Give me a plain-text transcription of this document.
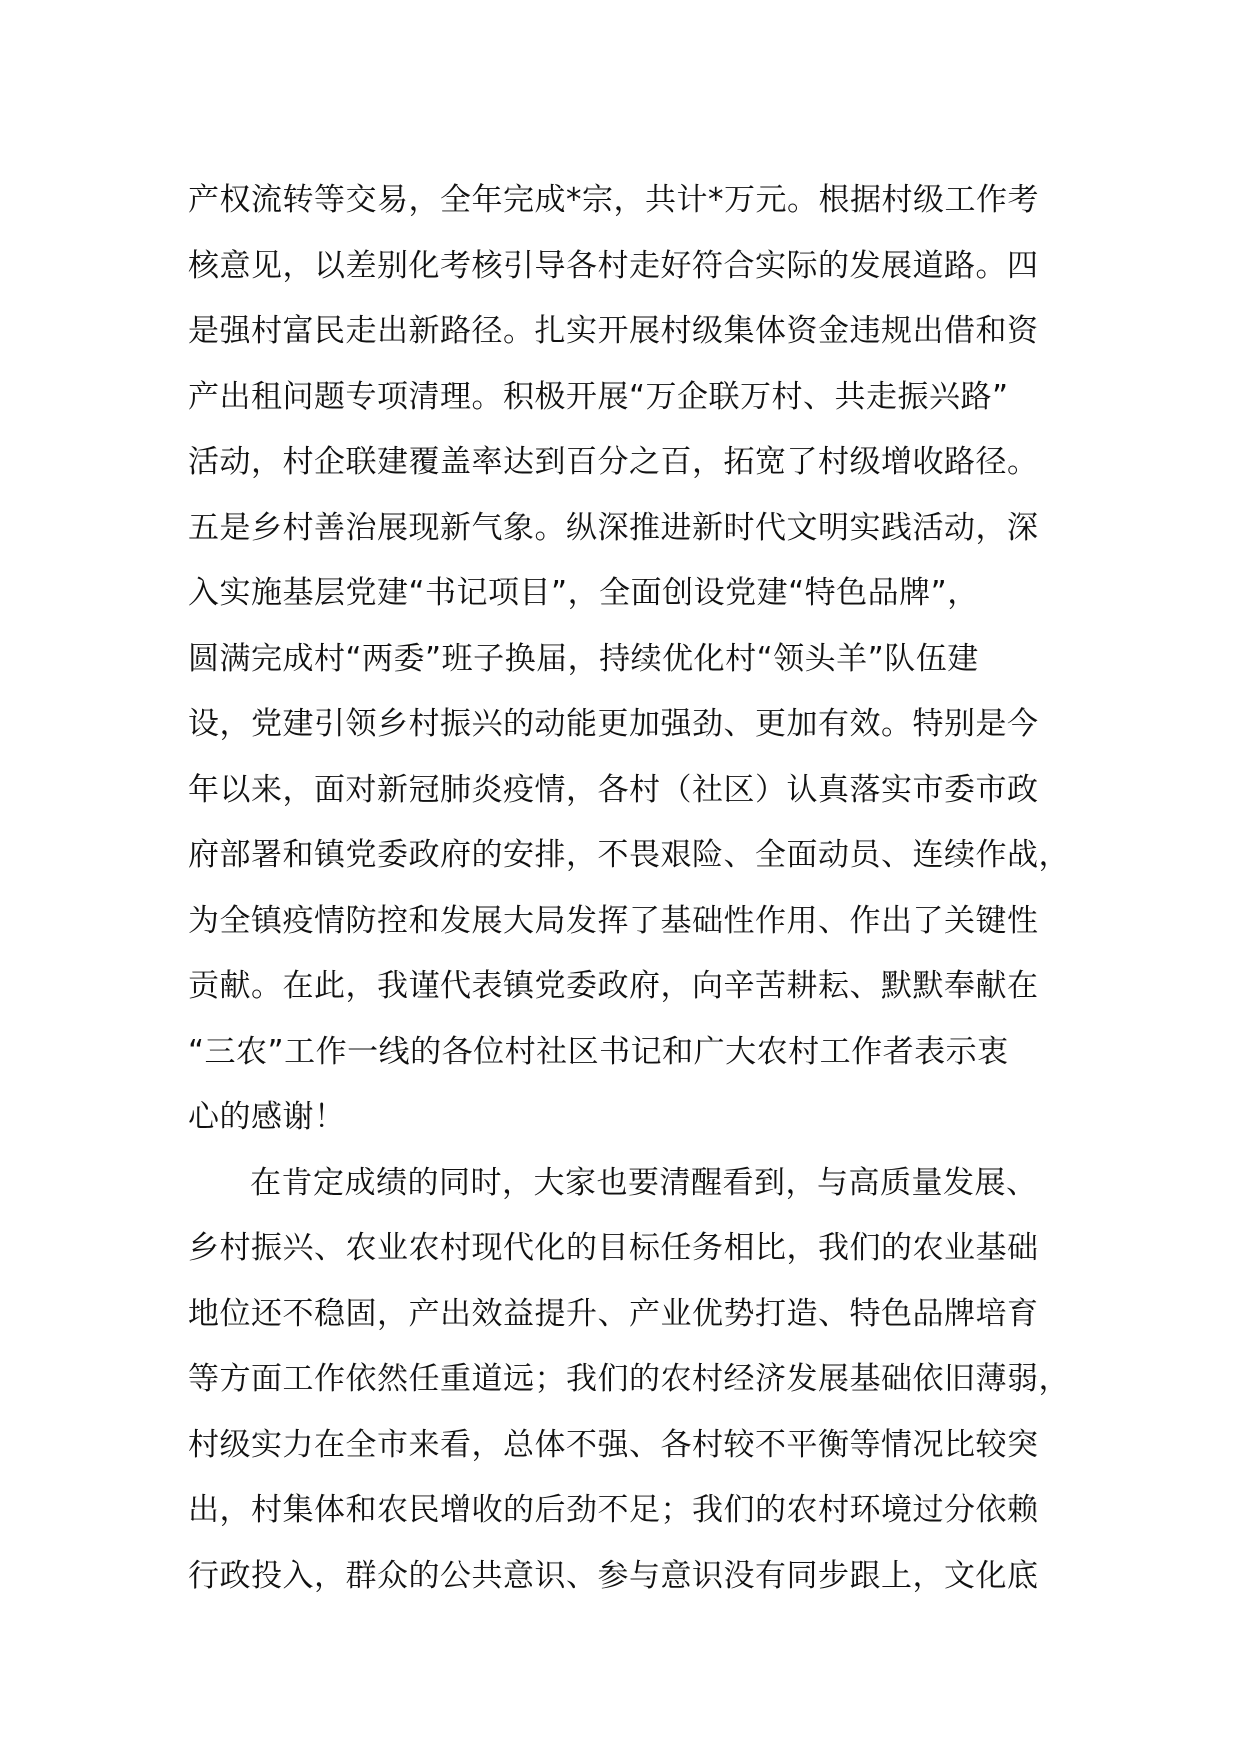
产权流转等交易，全年完成*宗，共计*万元。根据村级工作考
核意见，以差别化考核引导各村走好符合实际的发展道路。四
是强村富民走出新路径。扎实开展村级集体资金违规出借和资
产出租问题专项清理。积极开展“万企联万村、共走振兴路”
活动，村企联建覆盖率达到百分之百，拓宽了村级增收路径。
五是乡村善治展现新气象。纵深推进新时代文明实践活动，深
入实施基层党建“书记项目”，全面创设党建“特色品牌”，
圆满完成村“两委”班子换届，持续优化村“领头羊”队伍建
设，党建引领乡村振兴的动能更加强劲、更加有效。特别是今
年以来，面对新冠肺炎疫情，各村（社区）认真落实市委市政
府部署和镇党委政府的安排，不畏艰险、全面动员、连续作战，
为全镇疫情防控和发展大局发挥了基础性作用、作出了关键性
贡献。在此，我谨代表镇党委政府，向辛苦耕耘、默默奉献在
“三农”工作一线的各位村社区书记和广大农村工作者表示衷
心的感谢！
在肯定成绩的同时，大家也要清醒看到，与高质量发展、
乡村振兴、农业农村现代化的目标任务相比，我们的农业基础
地位还不稳固，产出效益提升、产业优势打造、特色品牌培育
等方面工作依然任重道远；我们的农村经济发展基础依旧薄弱，
村级实力在全市来看，总体不强、各村较不平衡等情况比较突
出，村集体和农民增收的后劲不足；我们的农村环境过分依赖
行政投入，群众的公共意识、参与意识没有同步跟上，文化底
